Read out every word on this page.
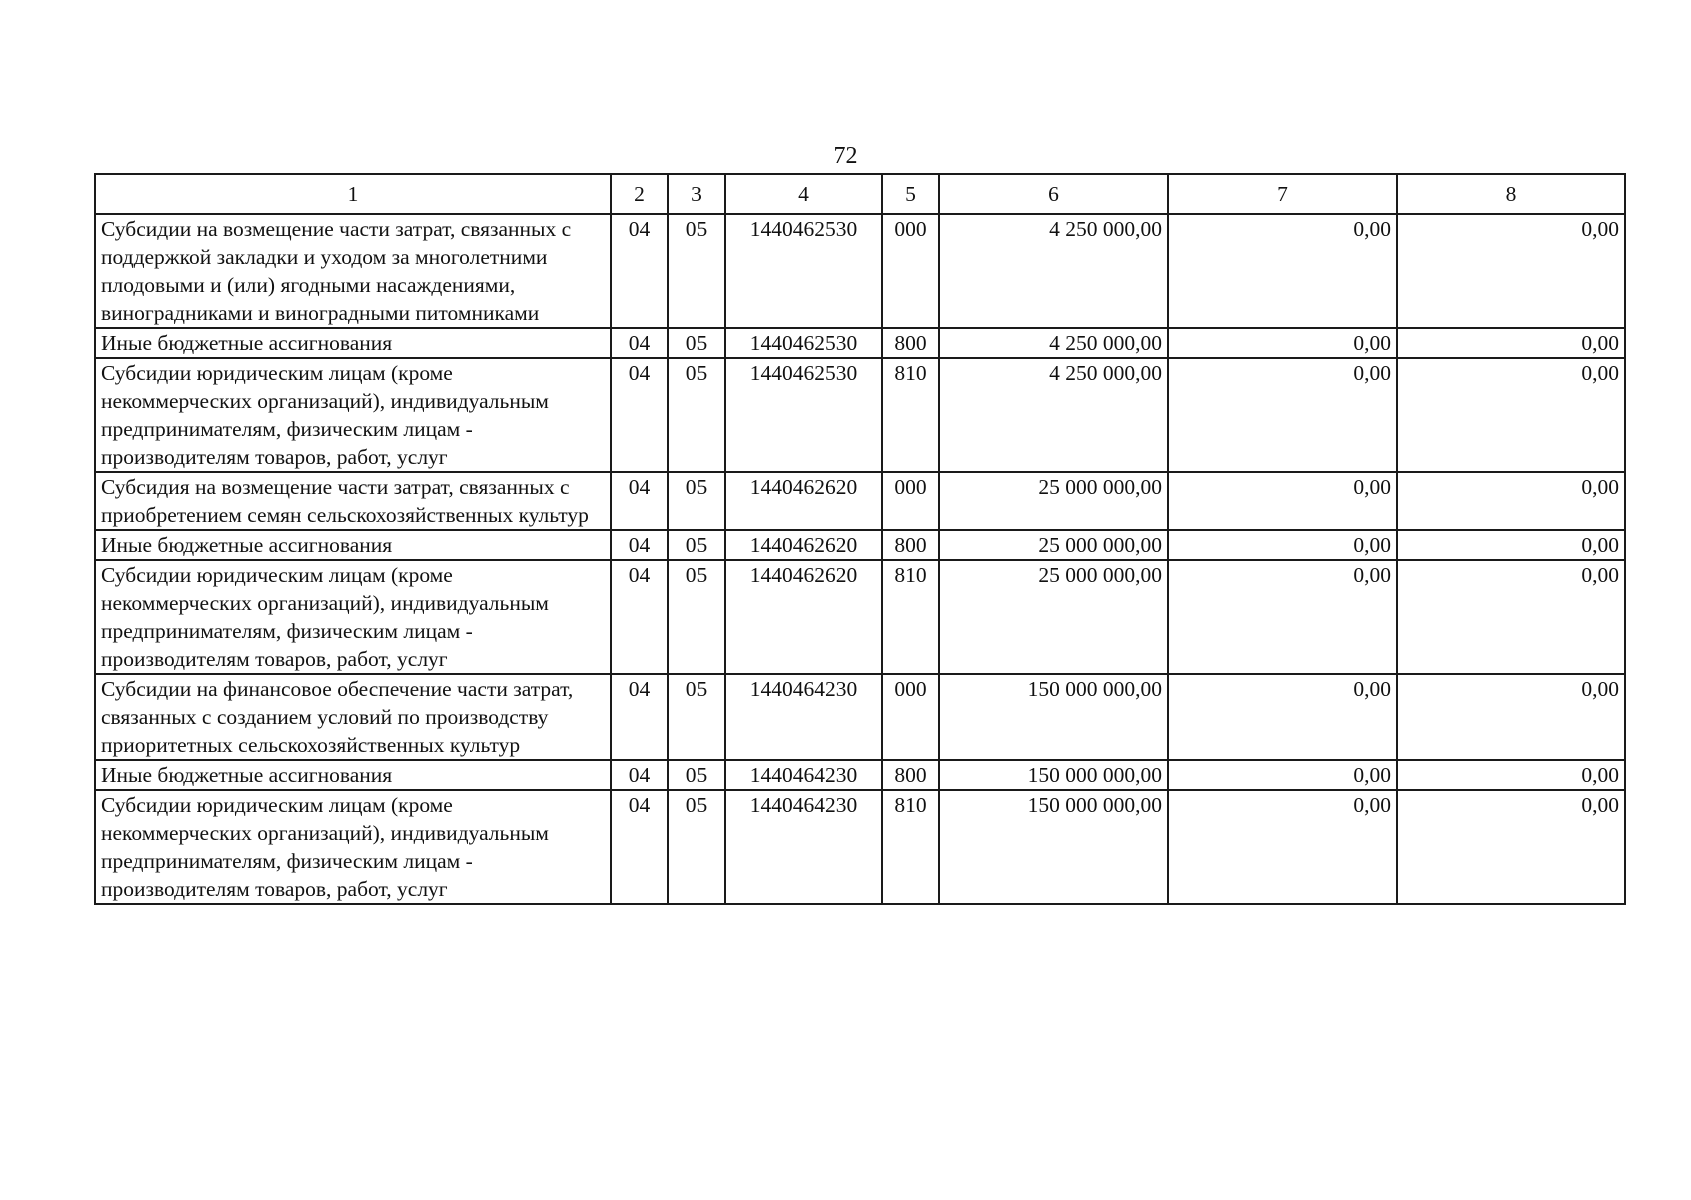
72
1	2	3	4	5	6	7	8
Субсидии на возмещение части затрат, связанных с поддержкой закладки и уходом за многолетними плодовыми и (или) ягодными насаждениями, виноградниками и виноградными питомниками	04	05	1440462530	000	4 250 000,00	0,00	0,00
Иные бюджетные ассигнования	04	05	1440462530	800	4 250 000,00	0,00	0,00
Субсидии юридическим лицам (кроме некоммерческих организаций), индивидуальным предпринимателям, физическим лицам - производителям товаров, работ, услуг	04	05	1440462530	810	4 250 000,00	0,00	0,00
Субсидия на возмещение части затрат, связанных с приобретением семян сельскохозяйственных культур	04	05	1440462620	000	25 000 000,00	0,00	0,00
Иные бюджетные ассигнования	04	05	1440462620	800	25 000 000,00	0,00	0,00
Субсидии юридическим лицам (кроме некоммерческих организаций), индивидуальным предпринимателям, физическим лицам - производителям товаров, работ, услуг	04	05	1440462620	810	25 000 000,00	0,00	0,00
Субсидии на финансовое обеспечение части затрат, связанных с созданием условий по производству приоритетных сельскохозяйственных культур	04	05	1440464230	000	150 000 000,00	0,00	0,00
Иные бюджетные ассигнования	04	05	1440464230	800	150 000 000,00	0,00	0,00
Субсидии юридическим лицам (кроме некоммерческих организаций), индивидуальным предпринимателям, физическим лицам - производителям товаров, работ, услуг	04	05	1440464230	810	150 000 000,00	0,00	0,00
